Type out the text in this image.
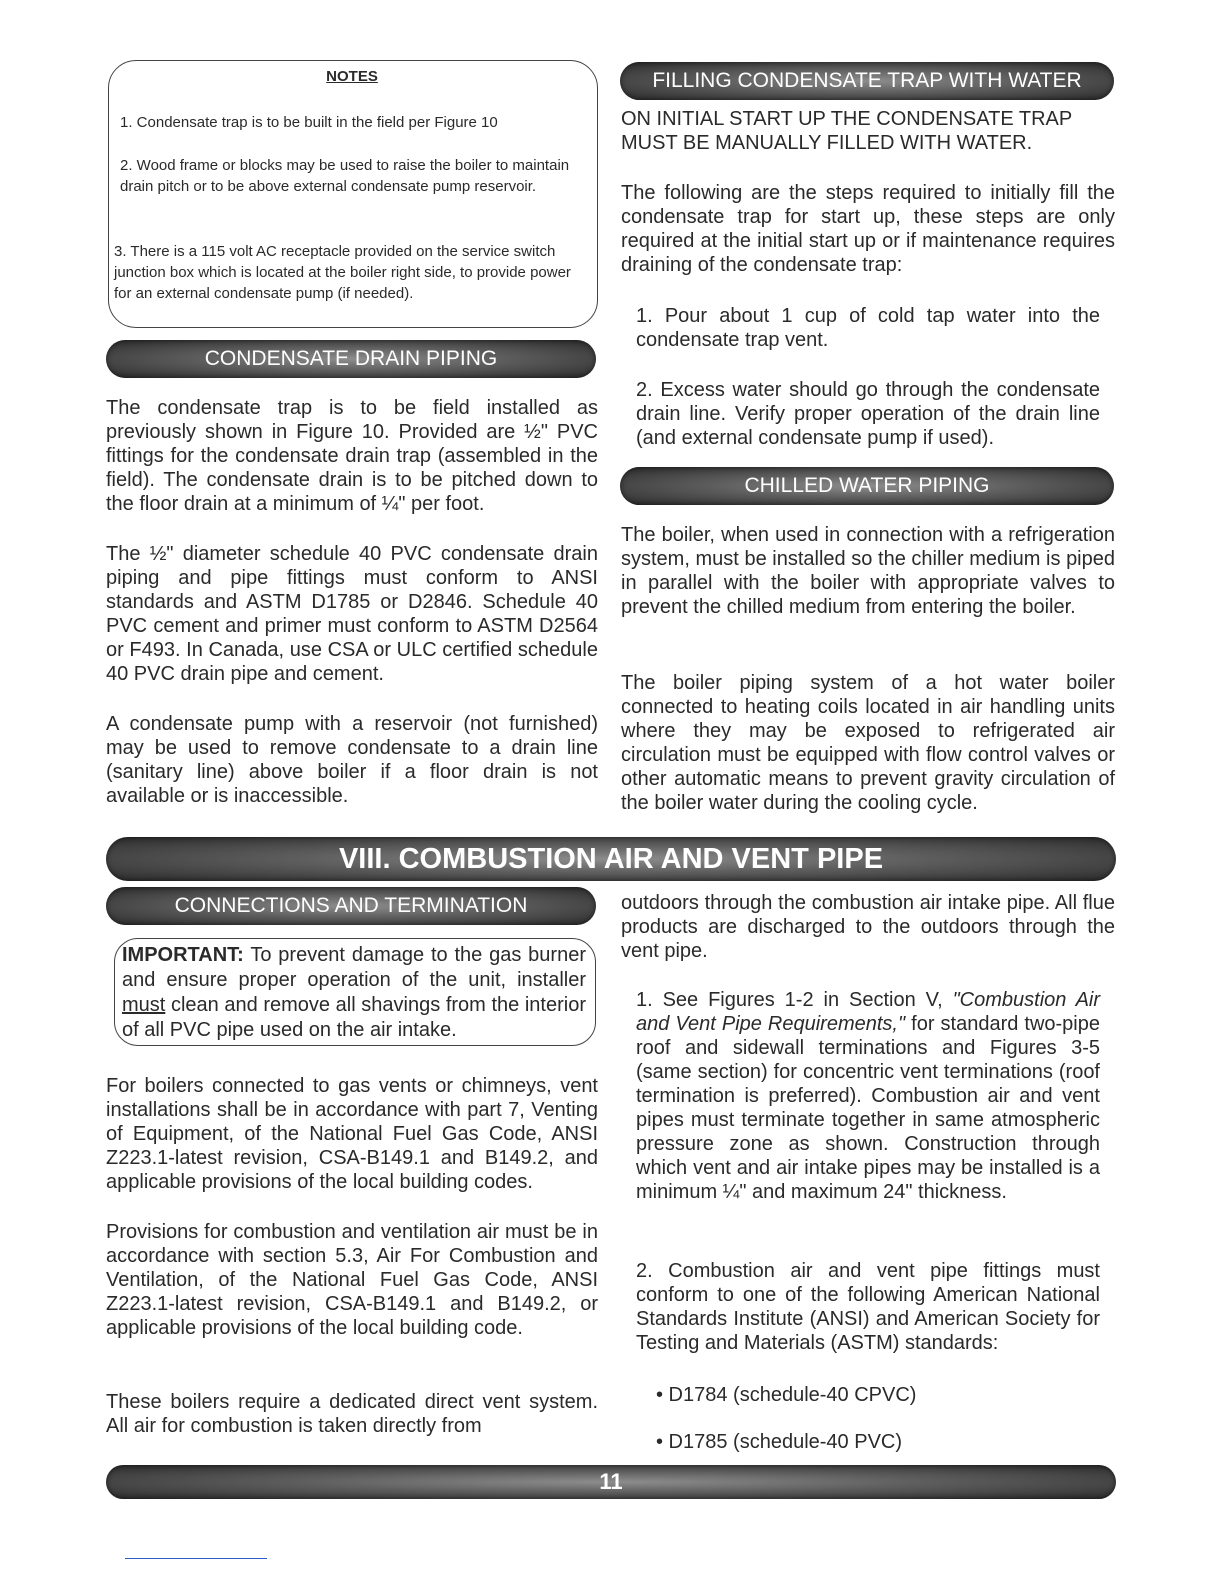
NOTES

1. Condensate trap is to be built in the field per Figure 10

2. Wood frame or blocks may be used to raise the boiler to maintain drain pitch or to be above external condensate pump reservoir.

3. There is a 115 volt AC receptacle provided on the service switch junction box which is located at the boiler right side, to provide power for an external condensate pump (if needed).

CONDENSATE DRAIN PIPING

The condensate trap is to be field installed as previously shown in Figure 10. Provided are ½" PVC fittings for the condensate drain trap (assembled in the field). The condensate drain is to be pitched down to the floor drain at a minimum of ¼" per foot.

The ½" diameter schedule 40 PVC condensate drain piping and pipe fittings must conform to ANSI standards and ASTM D1785 or D2846. Schedule 40 PVC cement and primer must conform to ASTM D2564 or F493. In Canada, use CSA or ULC certified schedule 40 PVC drain pipe and cement.

A condensate pump with a reservoir (not furnished) may be used to remove condensate to a drain line (sanitary line) above boiler if a floor drain is not available or is inaccessible.

FILLING CONDENSATE TRAP WITH WATER

ON INITIAL START UP THE CONDENSATE TRAP MUST BE MANUALLY FILLED WITH WATER.

The following are the steps required to initially fill the condensate trap for start up, these steps are only required at the initial start up or if maintenance requires draining of the condensate trap:

1. Pour about 1 cup of cold tap water into the condensate trap vent.

2. Excess water should go through the condensate drain line. Verify proper operation of the drain line (and external condensate pump if used).

CHILLED WATER PIPING

The boiler, when used in connection with a refrigeration system, must be installed so the chiller medium is piped in parallel with the boiler with appropriate valves to prevent the chilled medium from entering the boiler.

The boiler piping system of a hot water boiler connected to heating coils located in air handling units where they may be exposed to refrigerated air circulation must be equipped with flow control valves or other automatic means to prevent gravity circulation of the boiler water during the cooling cycle.

VIII. COMBUSTION AIR AND VENT PIPE
CONNECTIONS AND TERMINATION

IMPORTANT: To prevent damage to the gas burner and ensure proper operation of the unit, installer must clean and remove all shavings from the interior of all PVC pipe used on the air intake.

For boilers connected to gas vents or chimneys, vent installations shall be in accordance with part 7, Venting of Equipment, of the National Fuel Gas Code, ANSI Z223.1-latest revision, CSA-B149.1 and B149.2, and applicable provisions of the local building codes.

Provisions for combustion and ventilation air must be in accordance with section 5.3, Air For Combustion and Ventilation, of the National Fuel Gas Code, ANSI Z223.1-latest revision, CSA-B149.1 and B149.2, or applicable provisions of the local building code.

These boilers require a dedicated direct vent system. All air for combustion is taken directly from

outdoors through the combustion air intake pipe. All flue products are discharged to the outdoors through the vent pipe.

1. See Figures 1-2 in Section V, "Combustion Air and Vent Pipe Requirements," for standard two-pipe roof and sidewall terminations and Figures 3-5 (same section) for concentric vent terminations (roof termination is preferred). Combustion air and vent pipes must terminate together in same atmospheric pressure zone as shown. Construction through which vent and air intake pipes may be installed is a minimum ¼" and maximum 24" thickness.

2. Combustion air and vent pipe fittings must conform to one of the following American National Standards Institute (ANSI) and American Society for Testing and Materials (ASTM) standards:

• D1784 (schedule-40 CPVC)
• D1785 (schedule-40 PVC)
11
